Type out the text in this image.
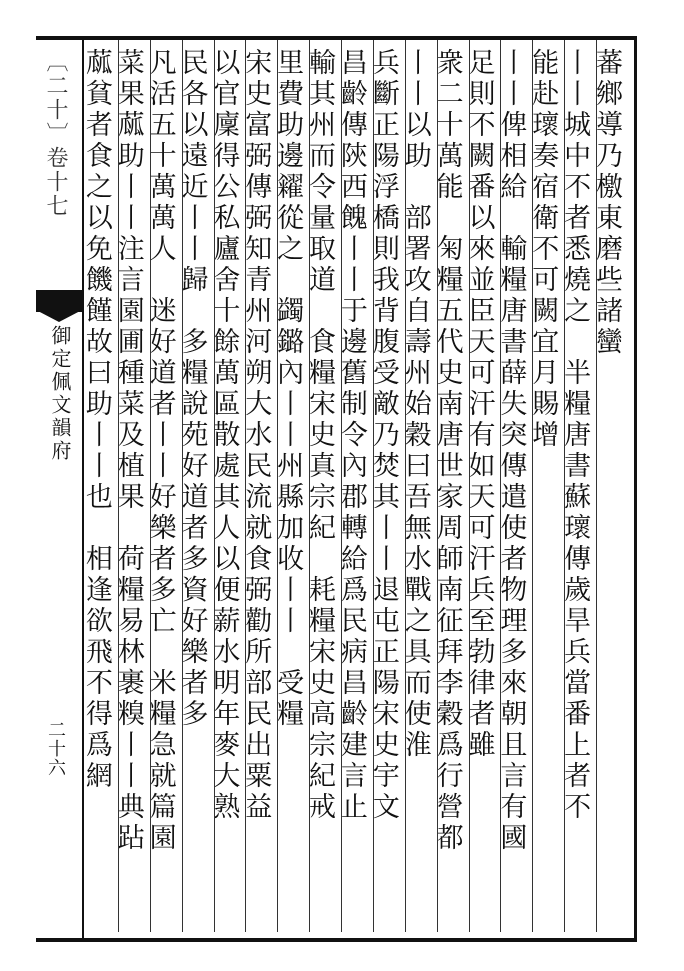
〔二十〕卷十七
御定佩文韻府
二十六
蕃鄉導乃檄東磨些諸蠻
丨丨城中不者悉燒之　半糧唐書蘇瓌傳歲旱兵當番上者不
能赴瓌奏宿衛不可闕宜月賜增
丨丨俾相給　輸糧唐書薛失突傳遣使者物理多來朝且言有國
足則不闕番以來並臣天可汗有如天可汗兵至勃律者雖
衆二十萬能　匊糧五代史南唐世家周師南征拜李穀爲行營都
丨丨以助　部署攻自壽州始穀曰吾無水戰之具而使淮
兵斷正陽浮橋則我背腹受敵乃焚其丨丨退屯正陽宋史宇文
昌齡傳陝西餽丨丨于邊舊制令內郡轉給爲民病昌齡建言止
輸其州而令量取道　食糧宋史真宗紀　耗糧宋史高宗紀戒
里費助邊糴從之　蠲鏴內丨丨州縣加收丨丨　受糧
宋史富弼傳弼知青州河朔大水民流就食弼勸所部民出粟益
以官廩得公私廬舍十餘萬區散處其人以便薪水明年麥大熟
民各以遠近丨丨歸　多糧說苑好道者多資好樂者多
凡活五十萬萬人　迷好道者丨丨好樂者多亡　米糧急就篇園
菜果蓏助丨丨注言園圃種菜及植果　荷糧易林裹糗丨丨典跕
蓏貧者食之以免饑饉故曰助丨丨也　相逢欲飛不得爲網
